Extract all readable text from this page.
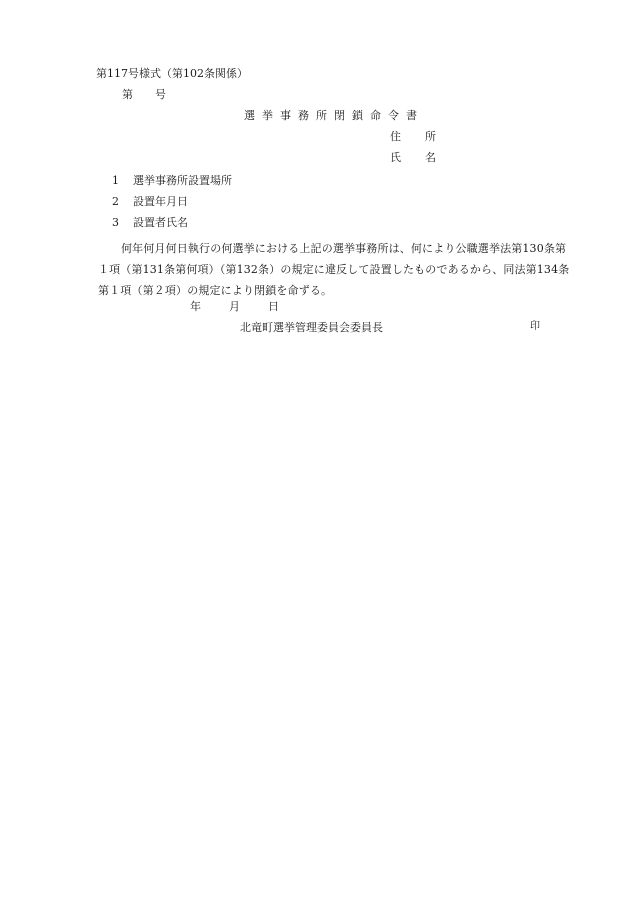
第117号様式（第102条関係）
第 号
選挙事務所閉鎖命令書
住 所
氏 名
1 選挙事務所設置場所
2 設置年月日
3 設置者氏名
何年何月何日執行の何選挙における上記の選挙事務所は、何により公職選挙法第130条第１項（第131条第何項）（第132条）の規定に違反して設置したものであるから、同法第134条第１項（第２項）の規定により閉鎖を命ずる。
年	月	日
北竜町選挙管理委員会委員長	印
